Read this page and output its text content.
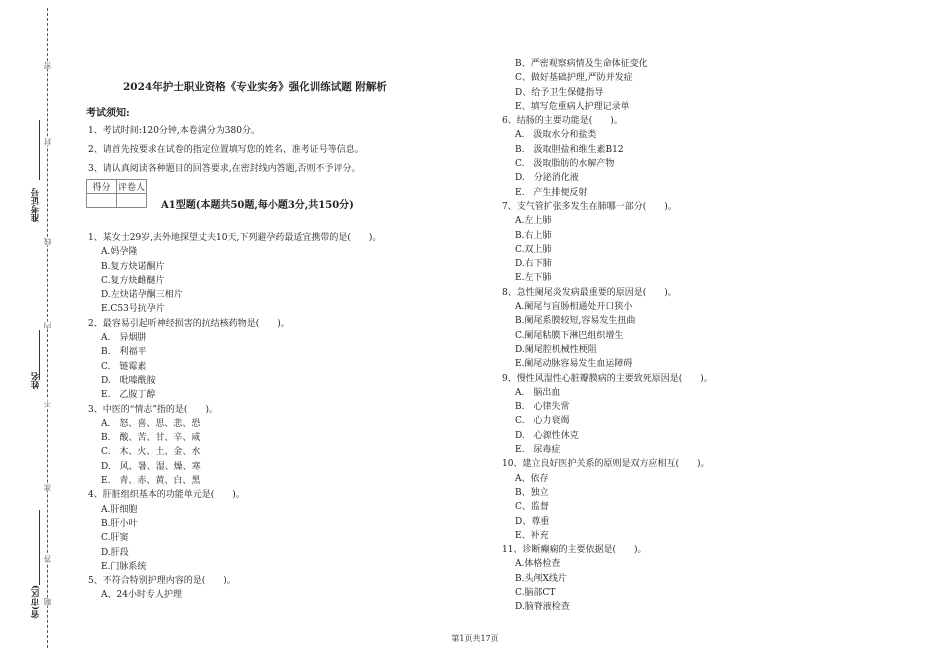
准考证号
姓名
省(市区)
密
封
线
内
不
准
答
题
2024年护士职业资格《专业实务》强化训练试题 附解析
考试须知:
1、考试时间:120分钟,本卷满分为380分。
2、请首先按要求在试卷的指定位置填写您的姓名、准考证号等信息。
3、请认真阅读各种题目的回答要求,在密封线内答题,否则不予评分。
得分	评卷人

A1型题(本题共50题,每小题3分,共150分)
1、某女士29岁,去外地探望丈夫10天,下列避孕药最适宜携带的是(　　)。
A.妈孕隆
B.复方炔诺酮片
C.复方炔雌醚片
D.左炔诺孕酮三相片
E.C53号抗孕片
2、最容易引起听神经损害的抗结核药物是(　　)。
A.　异烟肼
B.　利福平
C.　链霉素
D.　吡嗪酰胺
E.　乙胺丁醇
3、中医的“情志”指的是(　　)。
A.　怒、喜、思、悲、恐
B.　酸、苦、甘、辛、咸
C.　木、火、土、金、水
D.　风、暑、湿、燥、寒
E.　青、赤、黄、白、黑
4、肝脏组织基本的功能单元是(　　)。
A.肝细胞
B.肝小叶
C.肝窦
D.肝段
E.门脉系统
5、不符合特别护理内容的是(　　)。
A、24小时专人护理
B、严密观察病情及生命体征变化
C、做好基础护理,严防并发症
D、给予卫生保健指导
E、填写危重病人护理记录单
6、结肠的主要功能是(　　)。
A.　汲取水分和盐类
B.　汲取胆盐和维生素B12
C.　汲取脂肪的水解产物
D.　分泌消化液
E.　产生排便反射
7、支气管扩张多发生在肺哪一部分(　　)。
A.左上肺
B.右上肺
C.双上肺
D.右下肺
E.左下肺
8、急性阑尾炎发病最重要的原因是(　　)。
A.阑尾与盲肠相通处开口狭小
B.阑尾系膜较短,容易发生扭曲
C.阑尾粘膜下淋巴组织增生
D.阑尾腔机械性梗阻
E.阑尾动脉容易发生血运障碍
9、慢性风湿性心脏瓣膜病的主要致死原因是(　　)。
A.　脑出血
B.　心律失常
C.　心力衰竭
D.　心源性休克
E.　尿毒症
10、建立良好医护关系的原则是双方应相互(　　)。
A、依存
B、独立
C、监督
D、尊重
E、补充
11、诊断癫痫的主要依据是(　　)。
A.体格检查
B.头颅X线片
C.脑部CT
D.脑脊液检查
第1页共17页
